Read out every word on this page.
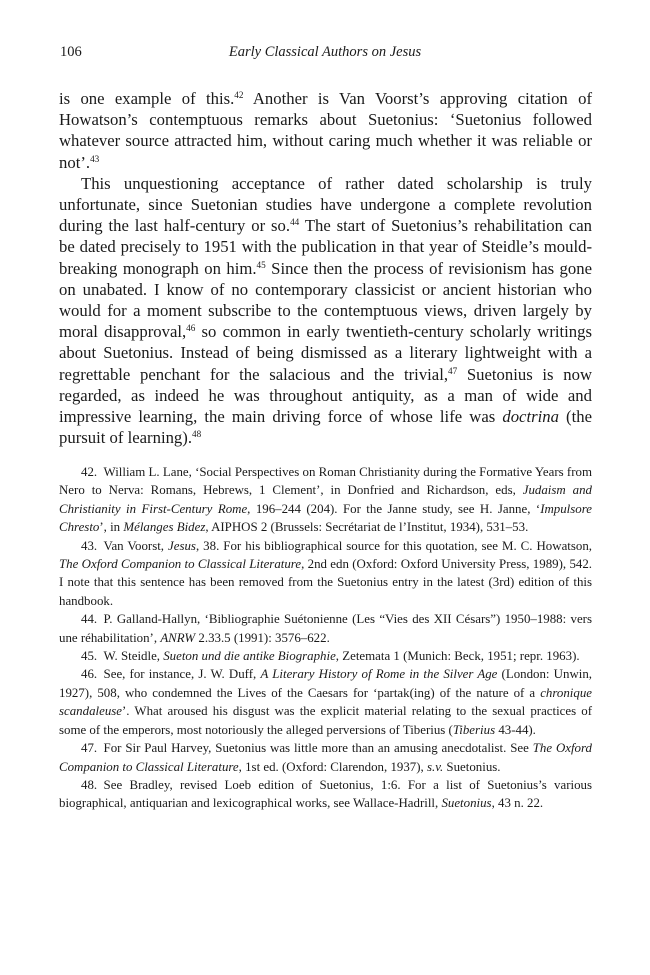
106	Early Classical Authors on Jesus

is one example of this.$^{42}$ Another is Van Voorst’s approving citation of Howatson’s contemptuous remarks about Suetonius: ‘Suetonius followed whatever source attracted him, without caring much whether it was reliable or not’.$^{43}$

This unquestioning acceptance of rather dated scholarship is truly unfortunate, since Suetonian studies have undergone a complete revolution during the last half-century or so.$^{44}$ The start of Suetonius’s rehabilitation can be dated precisely to 1951 with the publication in that year of Steidle’s mould-breaking monograph on him.$^{45}$ Since then the process of revisionism has gone on unabated. I know of no contemporary classicist or ancient historian who would for a moment subscribe to the contemptuous views, driven largely by moral disapproval,$^{46}$ so common in early twentieth-century scholarly writings about Suetonius. Instead of being dismissed as a literary lightweight with a regrettable penchant for the salacious and the trivial,$^{47}$ Suetonius is now regarded, as indeed he was throughout antiquity, as a man of wide and impressive learning, the main driving force of whose life was doctrina (the pursuit of learning).$^{48}$

42. William L. Lane, ‘Social Perspectives on Roman Christianity during the Formative Years from Nero to Nerva: Romans, Hebrews, 1 Clement’, in Donfried and Richardson, eds, Judaism and Christianity in First-Century Rome, 196–244 (204). For the Janne study, see H. Janne, ‘Impulsore Chresto’, in Mélanges Bidez, AIPHOS 2 (Brussels: Secrétariat de l’Institut, 1934), 531–53.

43. Van Voorst, Jesus, 38. For his bibliographical source for this quotation, see M. C. Howatson, The Oxford Companion to Classical Literature, 2nd edn (Oxford: Oxford University Press, 1989), 542. I note that this sentence has been removed from the Suetonius entry in the latest (3rd) edition of this handbook.

44. P. Galland-Hallyn, ‘Bibliographie Suétonienne (Les “Vies des XII Césars”) 1950–1988: vers une réhabilitation’, ANRW 2.33.5 (1991): 3576–622.

45. W. Steidle, Sueton und die antike Biographie, Zetemata 1 (Munich: Beck, 1951; repr. 1963).

46. See, for instance, J. W. Duff, A Literary History of Rome in the Silver Age (London: Unwin, 1927), 508, who condemned the Lives of the Caesars for ‘partak(ing) of the nature of a chronique scandaleuse’. What aroused his disgust was the explicit material relating to the sexual practices of some of the emperors, most notoriously the alleged perversions of Tiberius (Tiberius 43-44).

47. For Sir Paul Harvey, Suetonius was little more than an amusing anecdotalist. See The Oxford Companion to Classical Literature, 1st ed. (Oxford: Clarendon, 1937), s.v. Suetonius.

48. See Bradley, revised Loeb edition of Suetonius, 1:6. For a list of Suetonius’s various biographical, antiquarian and lexicographical works, see Wallace-Hadrill, Suetonius, 43 n. 22.
